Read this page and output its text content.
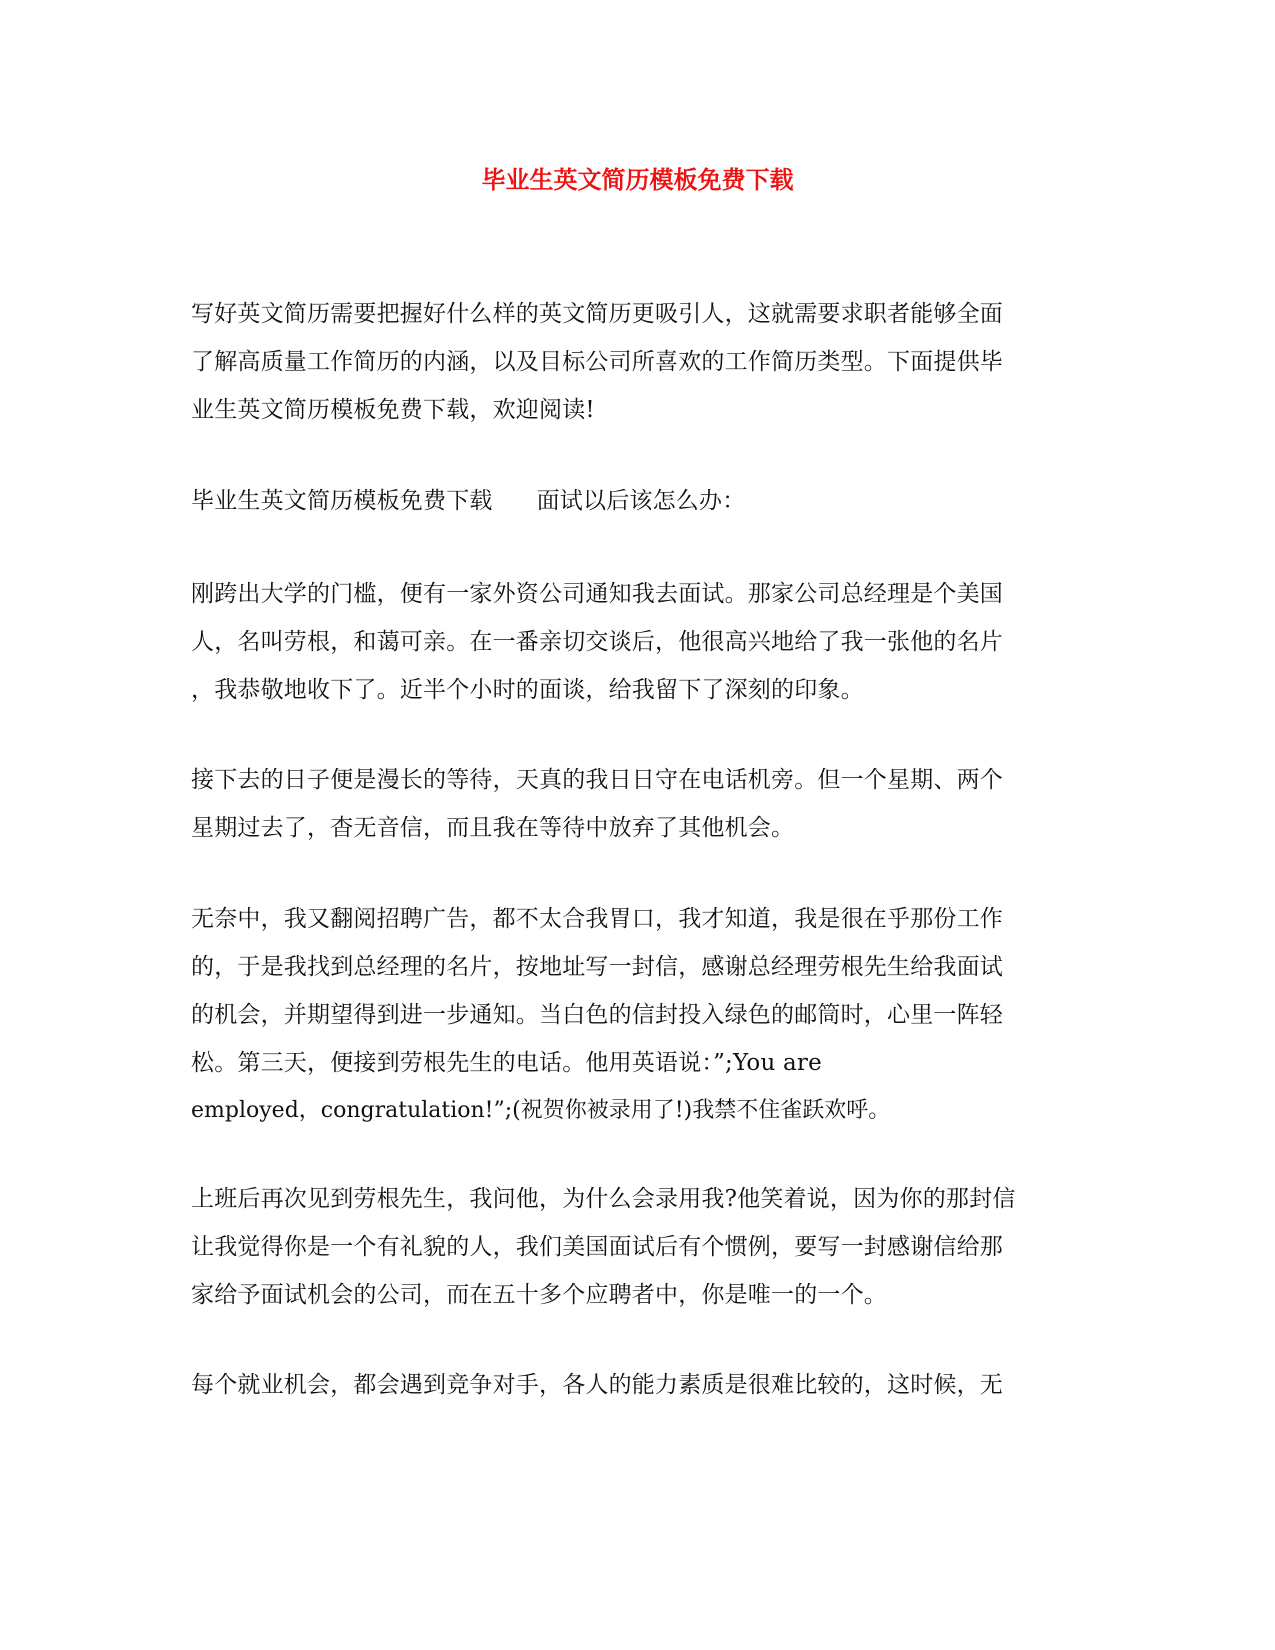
毕业生英文简历模板免费下载
写好英文简历需要把握好什么样的英文简历更吸引人，这就需要求职者能够全面
了解高质量工作简历的内涵，以及目标公司所喜欢的工作简历类型。下面提供毕
业生英文简历模板免费下载，欢迎阅读!
毕业生英文简历模板免费下载 面试以后该怎么办：
刚跨出大学的门槛，便有一家外资公司通知我去面试。那家公司总经理是个美国
人，名叫劳根，和蔼可亲。在一番亲切交谈后，他很高兴地给了我一张他的名片
，我恭敬地收下了。近半个小时的面谈，给我留下了深刻的印象。
接下去的日子便是漫长的等待，天真的我日日守在电话机旁。但一个星期、两个
星期过去了，杳无音信，而且我在等待中放弃了其他机会。
无奈中，我又翻阅招聘广告，都不太合我胃口，我才知道，我是很在乎那份工作
的，于是我找到总经理的名片，按地址写一封信，感谢总经理劳根先生给我面试
的机会，并期望得到进一步通知。当白色的信封投入绿色的邮筒时，心里一阵轻
松。第三天，便接到劳根先生的电话。他用英语说：”;You are
employed，congratulation!”;(祝贺你被录用了!)我禁不住雀跃欢呼。
上班后再次见到劳根先生，我问他，为什么会录用我?他笑着说，因为你的那封信
让我觉得你是一个有礼貌的人，我们美国面试后有个惯例，要写一封感谢信给那
家给予面试机会的公司，而在五十多个应聘者中，你是唯一的一个。
每个就业机会，都会遇到竞争对手，各人的能力素质是很难比较的，这时候，无
